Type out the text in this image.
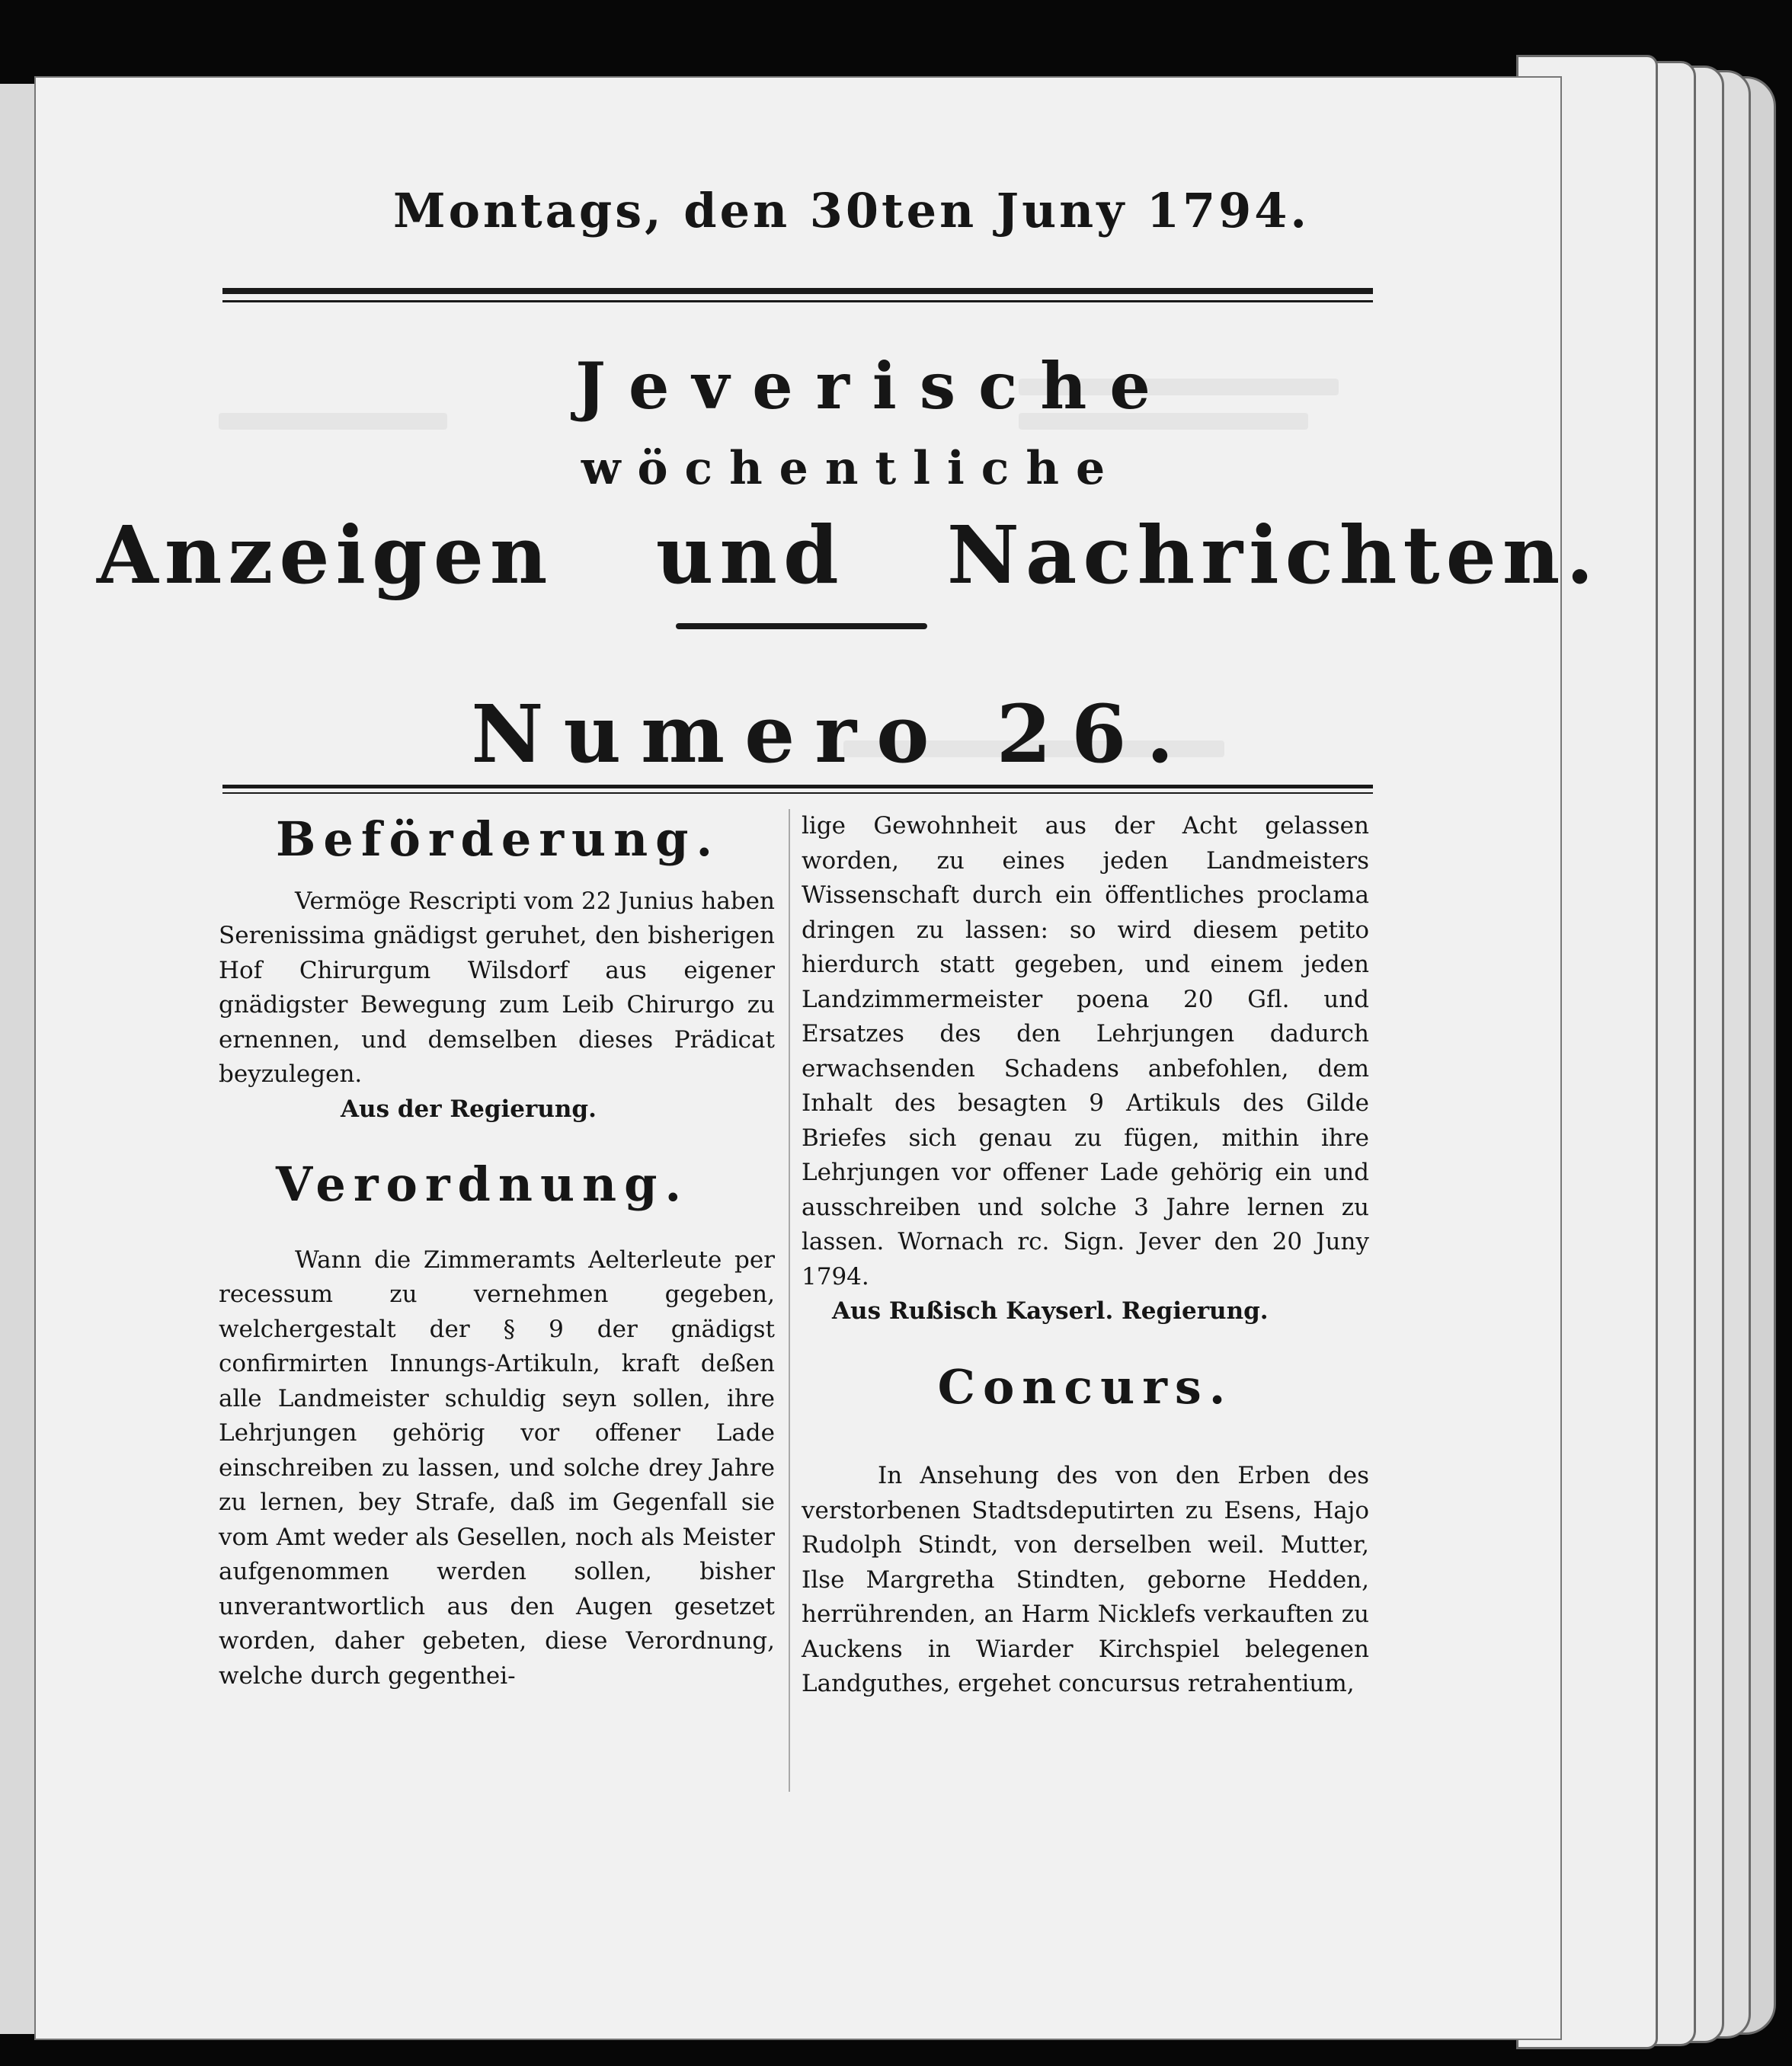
Montags, den 30ten Juny 1794.
Jeverische
wöchentliche
Anzeigen und Nachrichten.
Numero 26.
Beförderung.

Vermöge Rescripti vom 22 Junius haben Serenissima gnädigst geruhet, den bisherigen Hof Chirurgum Wilsdorf aus eigener gnädigster Bewegung zum Leib Chirurgo zu ernennen, und demselben dieses Prädicat beyzulegen.

Aus der Regierung.

Verordnung.

Wann die Zimmeramts Aelterleute per recessum zu vernehmen gegeben, welchergestalt der § 9 der gnädigst confirmirten Innungs-Artikuln, kraft deßen alle Landmeister schuldig seyn sollen, ihre Lehrjungen gehörig vor offener Lade einschreiben zu lassen, und solche drey Jahre zu lernen, bey Strafe, daß im Gegenfall sie vom Amt weder als Gesellen, noch als Meister aufgenommen werden sollen, bisher unverantwortlich aus den Augen gesetzet worden, daher gebeten, diese Verordnung, welche durch gegenthei-

lige Gewohnheit aus der Acht gelassen worden, zu eines jeden Landmeisters Wissenschaft durch ein öffentliches proclama dringen zu lassen: so wird diesem petito hierdurch statt gegeben, und einem jeden Landzimmermeister poena 20 Gfl. und Ersatzes des den Lehrjungen dadurch erwachsenden Schadens anbefohlen, dem Inhalt des besagten 9 Artikuls des Gilde Briefes sich genau zu fügen, mithin ihre Lehrjungen vor offener Lade gehörig ein und ausschreiben und solche 3 Jahre lernen zu lassen. Wornach rc. Sign. Jever den 20 Juny 1794.

Aus Rußisch Kayserl. Regierung.

Concurs.

In Ansehung des von den Erben des verstorbenen Stadtsdeputirten zu Esens, Hajo Rudolph Stindt, von derselben weil. Mutter, Ilse Margretha Stindten, geborne Hedden, herrührenden, an Harm Nicklefs verkauften zu Auckens in Wiarder Kirchspiel belegenen Landguthes, ergehet concursus retrahentium,
